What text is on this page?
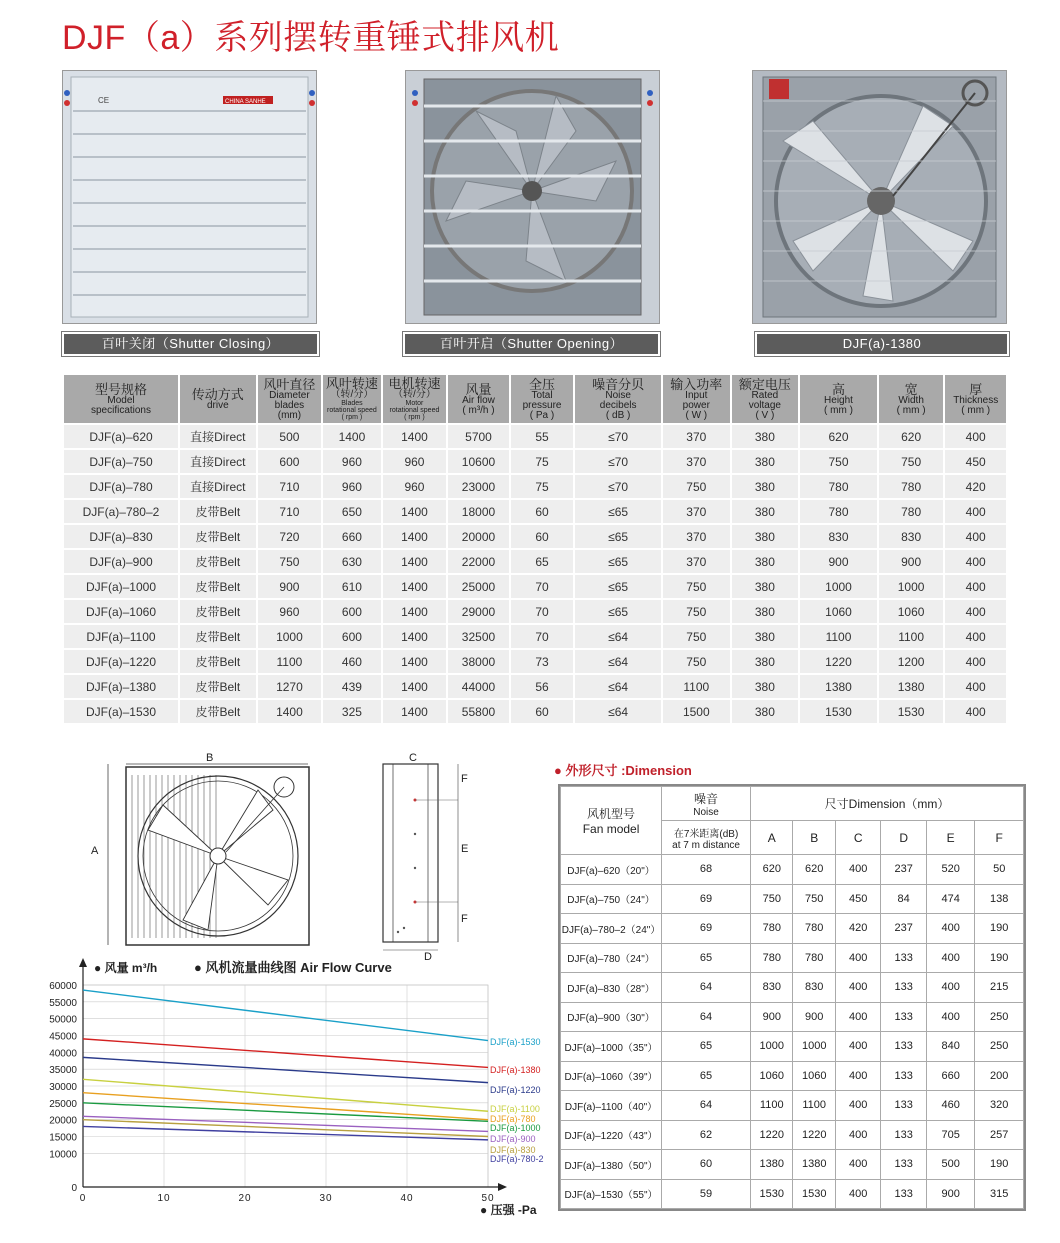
DJF（a）系列摆转重锤式排风机
CHINA SANHE
CE
百叶关闭（Shutter Closing）	百叶开启（Shutter Opening）	DJF(a)-1380
型号规格
Model
specifications	传动方式
drive	风叶直径
Diameter
blades
(mm)	风叶转速
（转/分）
Blades
rotational speed
( rpm )	电机转速
（转/分）
Motor
rotational speed
( rpm )	风量
Air flow
( m³/h )	全压
Total
pressure
( Pa )	噪音分贝
Noise
decibels
( dB )	输入功率
Input
power
( W )	额定电压
Rated
voltage
( V )	高
Height
( mm )	宽
Width
( mm )	厚
Thickness
( mm )

DJF(a)–620	直接Direct	500	1400	1400	5700	55	≤70	370	380	620	620	400
DJF(a)–750	直接Direct	600	960	960	10600	75	≤70	370	380	750	750	450
DJF(a)–780	直接Direct	710	960	960	23000	75	≤70	750	380	780	780	420
DJF(a)–780–2	皮带Belt	710	650	1400	18000	60	≤65	370	380	780	780	400
DJF(a)–830	皮带Belt	720	660	1400	20000	60	≤65	370	380	830	830	400
DJF(a)–900	皮带Belt	750	630	1400	22000	65	≤65	370	380	900	900	400
DJF(a)–1000	皮带Belt	900	610	1400	25000	70	≤65	750	380	1000	1000	400
DJF(a)–1060	皮带Belt	960	600	1400	29000	70	≤65	750	380	1060	1060	400
DJF(a)–1100	皮带Belt	1000	600	1400	32500	70	≤64	750	380	1100	1100	400
DJF(a)–1220	皮带Belt	1100	460	1400	38000	73	≤64	750	380	1220	1200	400
DJF(a)–1380	皮带Belt	1270	439	1400	44000	56	≤64	1100	380	1380	1380	400
DJF(a)–1530	皮带Belt	1400	325	1400	55800	60	≤64	1500	380	1530	1530	400
B
A
C
F
E
F
D
● 风量 m³/h	● 风机流量曲线图 Air Flow Curve
● 压强 -Pa
60000
55000
50000
45000
40000
35000
30000
25000
20000
15000
10000
0
0	10	20	30	40	50
DJF(a)-1530
DJF(a)-1380
DJF(a)-1220
DJF(a)-1100
DJF(a)-780
DJF(a)-1000
DJF(a)-900
DJF(a)-830
DJF(a)-780-2
● 外形尺寸 :Dimension
风机型号
Fan model	噪音
Noise	尺寸Dimension（mm）					

	在7米距离(dB)
at 7 m distance	A	B	C	D	E	F
DJF(a)–620（20"）	68	620	620	400	237	520	50
DJF(a)–750（24"）	69	750	750	450	84	474	138
DJF(a)–780–2（24"）	69	780	780	420	237	400	190
DJF(a)–780（24"）	65	780	780	400	133	400	190
DJF(a)–830（28"）	64	830	830	400	133	400	215
DJF(a)–900（30"）	64	900	900	400	133	400	250
DJF(a)–1000（35"）	65	1000	1000	400	133	840	250
DJF(a)–1060（39"）	65	1060	1060	400	133	660	200
DJF(a)–1100（40"）	64	1100	1100	400	133	460	320
DJF(a)–1220（43"）	62	1220	1220	400	133	705	257
DJF(a)–1380（50"）	60	1380	1380	400	133	500	190
DJF(a)–1530（55"）	59	1530	1530	400	133	900	315
